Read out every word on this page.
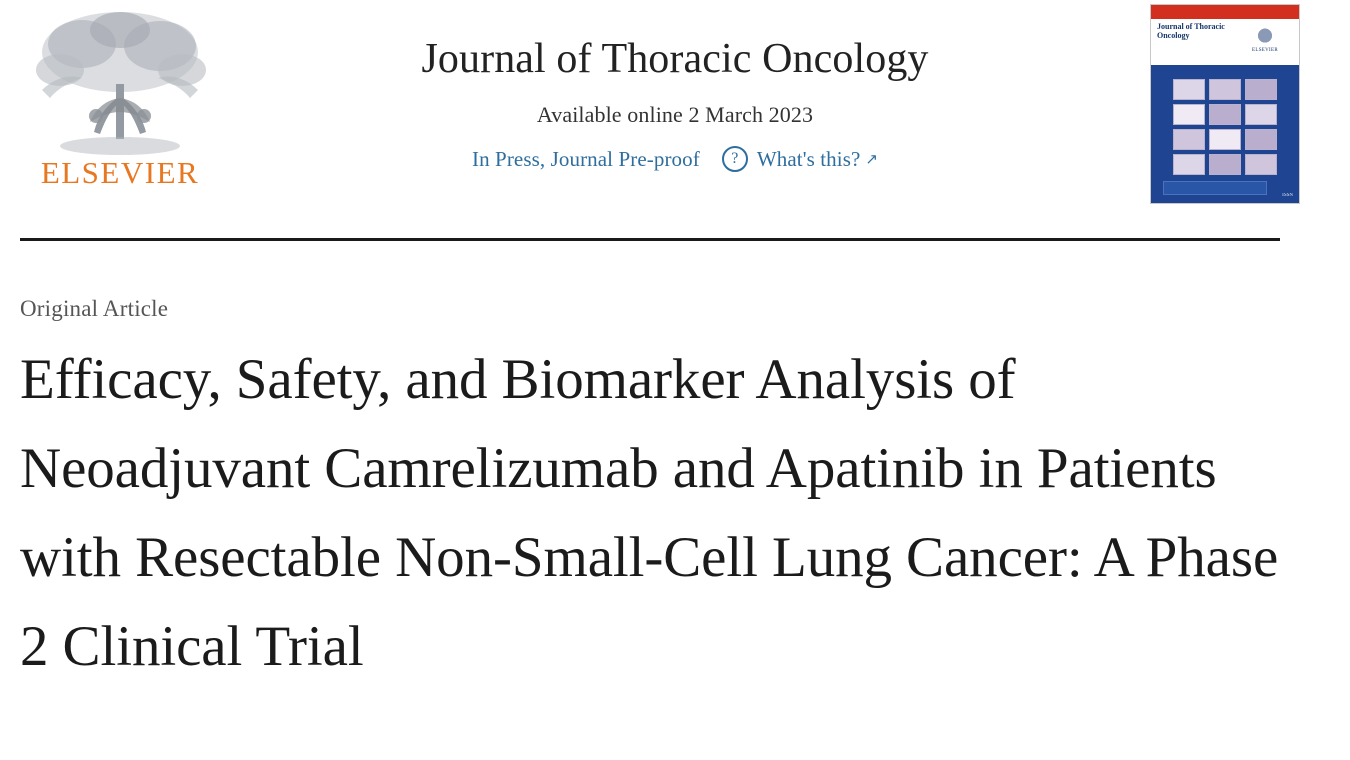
ELSEVIER
Journal of Thoracic Oncology
Available online 2 March 2023
In Press, Journal Pre-proof	? What's this? ↗
Journal of Thoracic Oncology
ELSEVIER
ISSN
Original Article
Efficacy, Safety, and Biomarker Analysis of Neoadjuvant Camrelizumab and Apatinib in Patients with Resectable Non-Small-Cell Lung Cancer: A Phase 2 Clinical Trial
